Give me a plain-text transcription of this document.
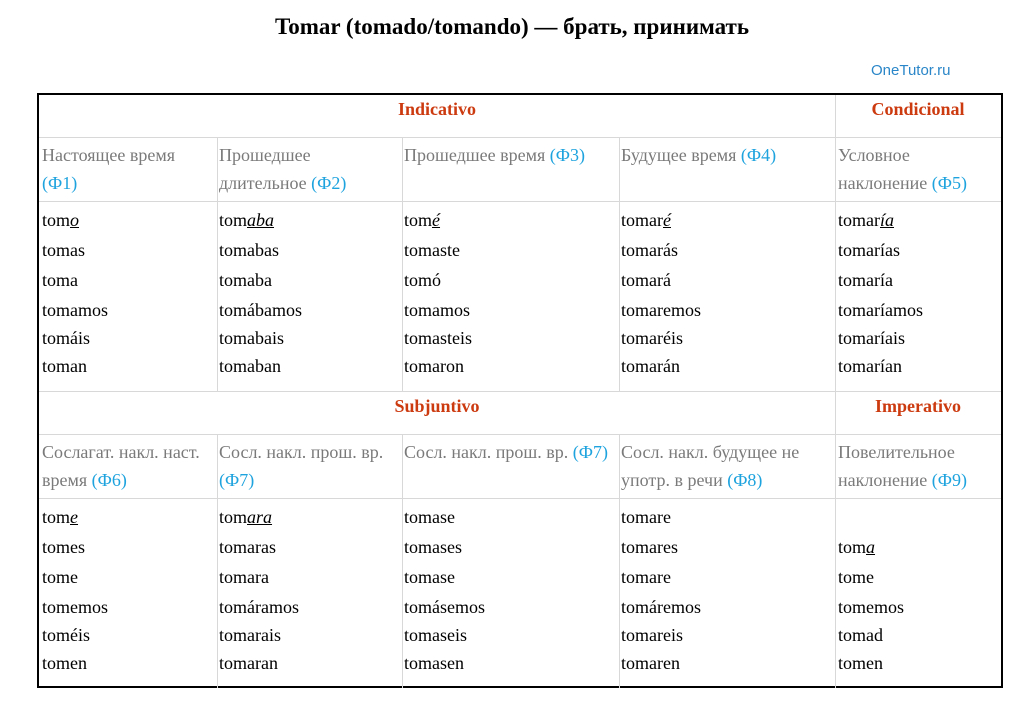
Tomar (tomado/tomando) — брать, принимать
OneTutor.ru
Indicativo	Condicional
Настоящее время (Ф1)
tomo
tomas
toma
tomamos
tomáis
toman
Прошедшее длительное (Ф2)
tomaba
tomabas
tomaba
tomábamos
tomabais
tomaban
Прошедшее время (Ф3)
tomé
tomaste
tomó
tomamos
tomasteis
tomaron
Будущее время (Ф4)
tomaré
tomarás
tomará
tomaremos
tomaréis
tomarán
Условное наклонение (Ф5)
tomaría
tomarías
tomaría
tomaríamos
tomaríais
tomarían
Subjuntivo	Imperativo
Сослагат. накл. наст. время (Ф6)
tome
tomes
tome
tomemos
toméis
tomen
Сосл. накл. прош. вр. (Ф7)
tomara
tomaras
tomara
tomáramos
tomarais
tomaran
Сосл. накл. прош. вр. (Ф7)
tomase
tomases
tomase
tomásemos
tomaseis
tomasen
Сосл. накл. будущее не употр. в речи (Ф8)
tomare
tomares
tomare
tomáremos
tomareis
tomaren
Повелительное наклонение (Ф9)
toma
tome
tomemos
tomad
tomen
